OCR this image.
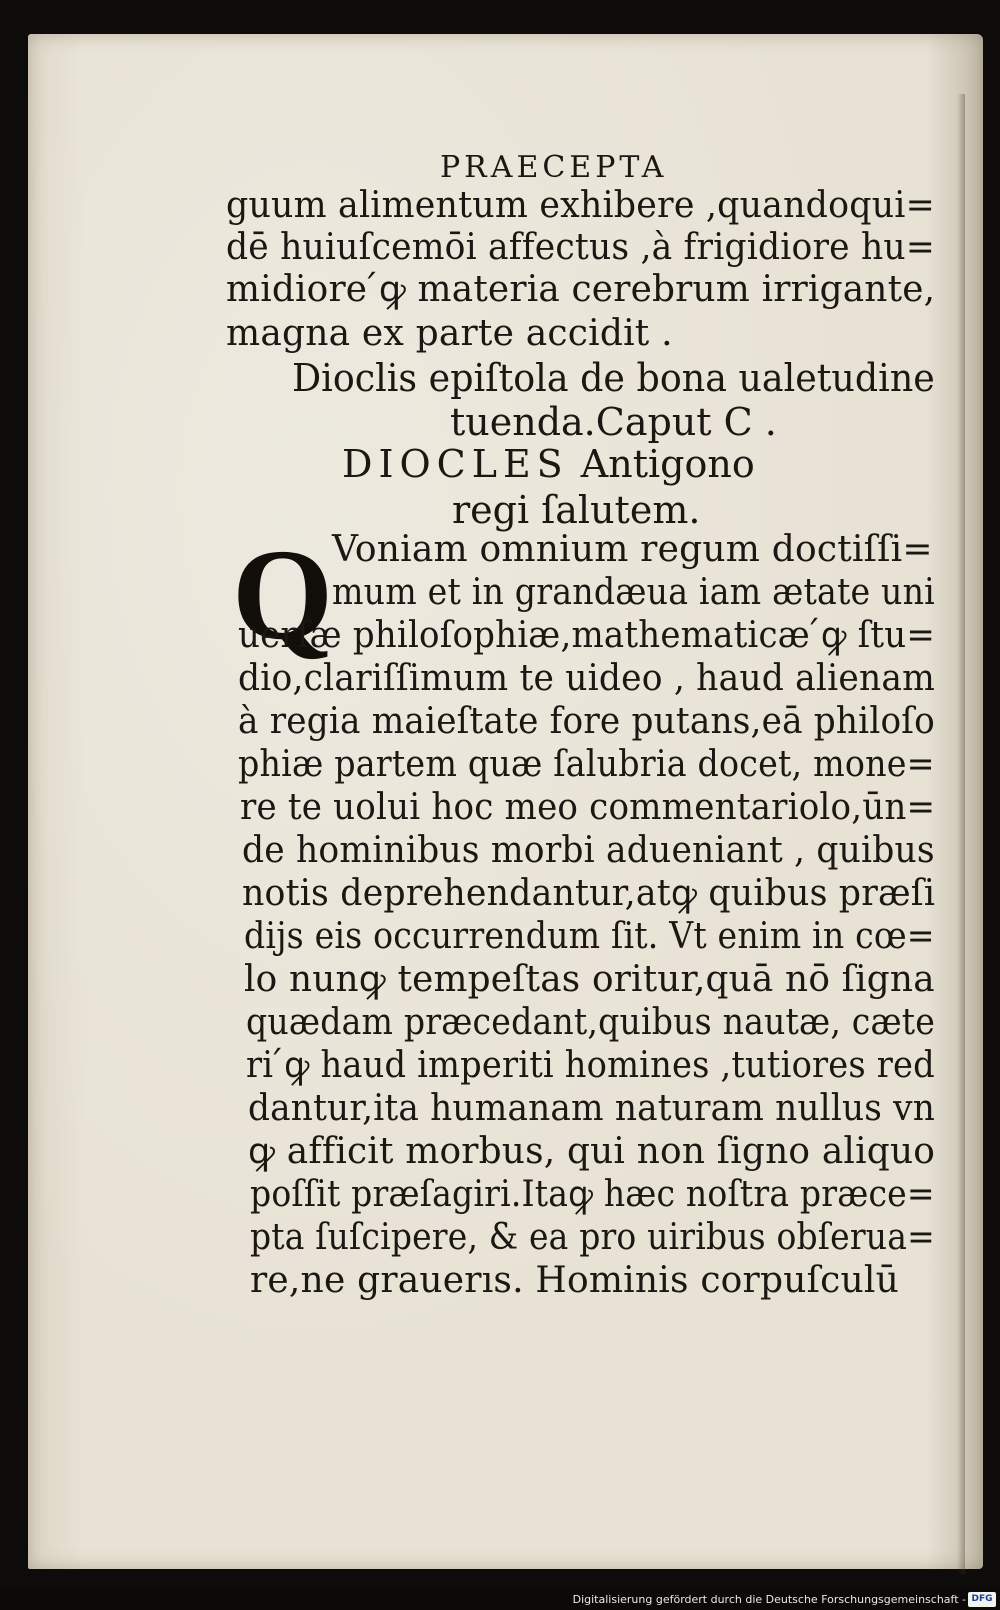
PRAECEPTA
guum alimentum exhibere ,quandoqui=
dē huiuſcemōi affectus ,à frigidiore hu=
midiore ́ꝙ materia cerebrum irrigante,
magna ex parte accidit .
Dioclis epiſtola de bona ualetudine
tuenda.Caput C .
DIOCLES Antigono
regi ſalutem.
Q
Voniam omnium regum doctiſſi=
mum et in grandæua iam ætate uni
uerſæ philoſophiæ,mathematicæ ́ꝙ ſtu=
dio,clariſſimum te uideo , haud alienam
à regia maieſtate fore putans,eā philoſo
phiæ partem quæ ſalubria docet, mone=
re te uolui hoc meo commentariolo,ūn=
de hominibus morbi adueniant , quibus
notis deprehendantur,atꝙ quibus præſi
dijs eis occurrendum ſit. Vt enim in cœ=
lo nunꝙ tempeſtas oritur,quā nō ſigna
quædam præcedant,quibus nautæ, cæte
ri ́ꝙ haud imperiti homines ,tutiores red
dantur,ita humanam naturam nullus vn
ꝙ afficit morbus, qui non ſigno aliquo
poſſit præſagiri.Itaꝙ hæc noſtra præce=
pta ſuſcipere, & ea pro uiribus obſerua=
re,ne grauerıs. Hominis corpuſculū
Digitalisierung gefördert durch die Deutsche Forschungsgemeinschaft - DFG
